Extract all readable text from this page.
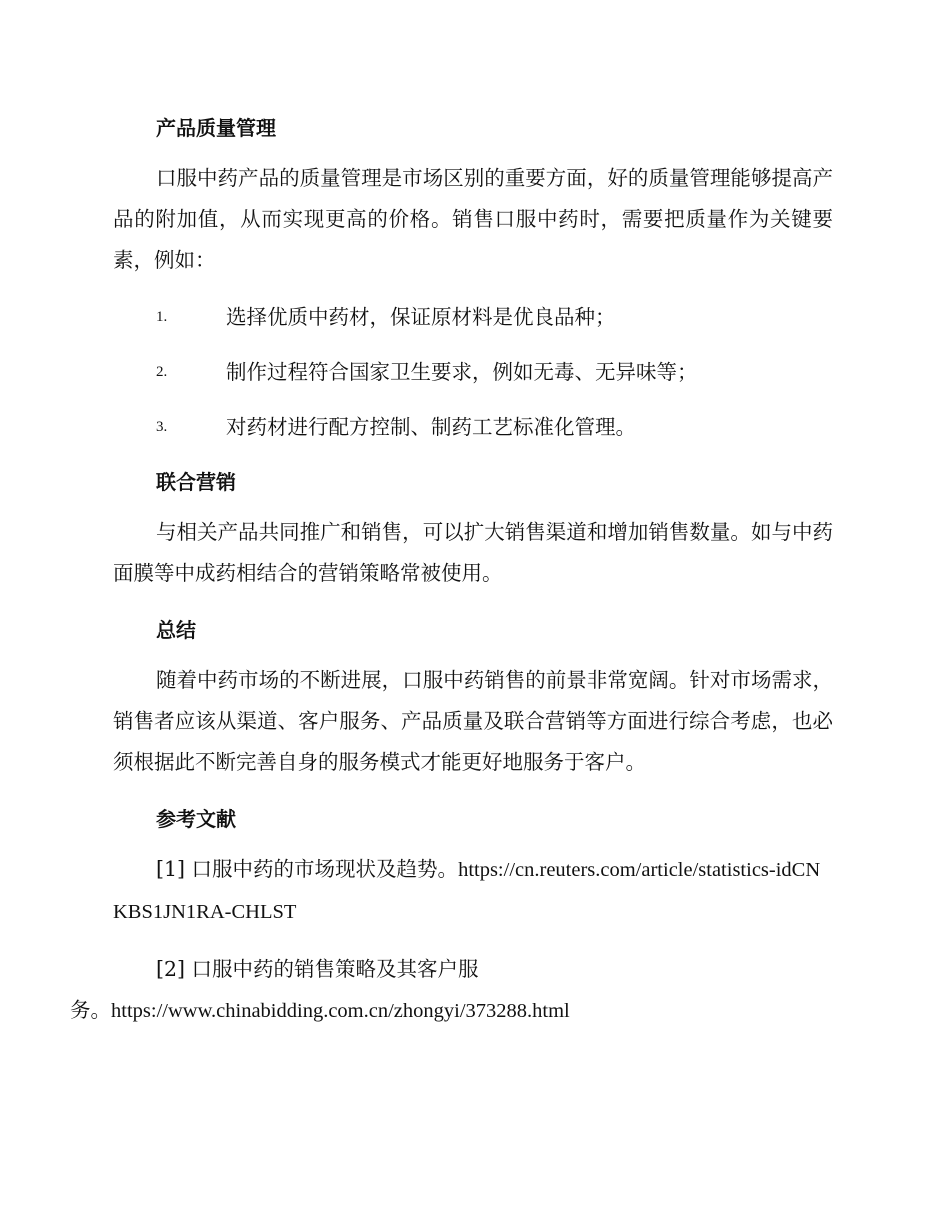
产品质量管理

口服中药产品的质量管理是市场区别的重要方面，好的质量管理能够提高产品的附加值，从而实现更高的价格。销售口服中药时，需要把质量作为关键要素，例如：

1.	选择优质中药材，保证原材料是优良品种；
2.	制作过程符合国家卫生要求，例如无毒、无异味等；
3.	对药材进行配方控制、制药工艺标准化管理。
联合营销

与相关产品共同推广和销售，可以扩大销售渠道和增加销售数量。如与中药面膜等中成药相结合的营销策略常被使用。

总结

随着中药市场的不断进展，口服中药销售的前景非常宽阔。针对市场需求，销售者应该从渠道、客户服务、产品质量及联合营销等方面进行综合考虑，也必须根据此不断完善自身的服务模式才能更好地服务于客户。

参考文献

[1] 口服中药的市场现状及趋势。https://cn.reuters.com/article/statistics-idCNKBS1JN1RA-CHLST

[2] 口服中药的销售策略及其客户服
务。https://www.chinabidding.com.cn/zhongyi/373288.html
